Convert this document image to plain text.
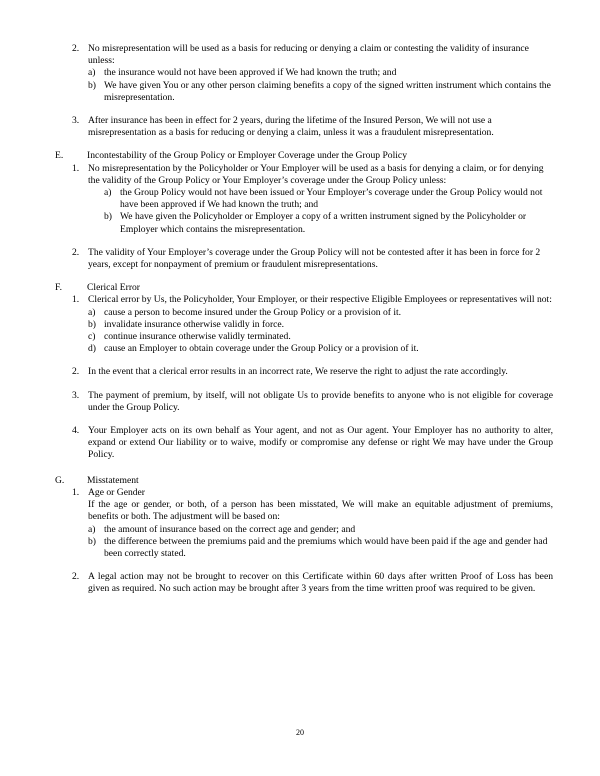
2. No misrepresentation will be used as a basis for reducing or denying a claim or contesting the validity of insurance unless:
a) the insurance would not have been approved if We had known the truth; and
b) We have given You or any other person claiming benefits a copy of the signed written instrument which contains the misrepresentation.
3. After insurance has been in effect for 2 years, during the lifetime of the Insured Person, We will not use a misrepresentation as a basis for reducing or denying a claim, unless it was a fraudulent misrepresentation.
E. Incontestability of the Group Policy or Employer Coverage under the Group Policy
1. No misrepresentation by the Policyholder or Your Employer will be used as a basis for denying a claim, or for denying the validity of the Group Policy or Your Employer’s coverage under the Group Policy unless:
a) the Group Policy would not have been issued or Your Employer’s coverage under the Group Policy would not have been approved if We had known the truth; and
b) We have given the Policyholder or Employer a copy of a written instrument signed by the Policyholder or Employer which contains the misrepresentation.
2. The validity of Your Employer’s coverage under the Group Policy will not be contested after it has been in force for 2 years, except for nonpayment of premium or fraudulent misrepresentations.
F.	Clerical Error
1. Clerical error by Us, the Policyholder, Your Employer, or their respective Eligible Employees or representatives will not:
a) cause a person to become insured under the Group Policy or a provision of it.
b) invalidate insurance otherwise validly in force.
c) continue insurance otherwise validly terminated.
d) cause an Employer to obtain coverage under the Group Policy or a provision of it.
2. In the event that a clerical error results in an incorrect rate, We reserve the right to adjust the rate accordingly.
3. The payment of premium, by itself, will not obligate Us to provide benefits to anyone who is not eligible for coverage under the Group Policy.
4. Your Employer acts on its own behalf as Your agent, and not as Our agent. Your Employer has no authority to alter, expand or extend Our liability or to waive, modify or compromise any defense or right We may have under the Group Policy.
G. Misstatement
1. Age or Gender
If the age or gender, or both, of a person has been misstated, We will make an equitable adjustment of premiums, benefits or both. The adjustment will be based on:
a) the amount of insurance based on the correct age and gender; and
b) the difference between the premiums paid and the premiums which would have been paid if the age and gender had been correctly stated.
2. A legal action may not be brought to recover on this Certificate within 60 days after written Proof of Loss has been given as required. No such action may be brought after 3 years from the time written proof was required to be given.
20
